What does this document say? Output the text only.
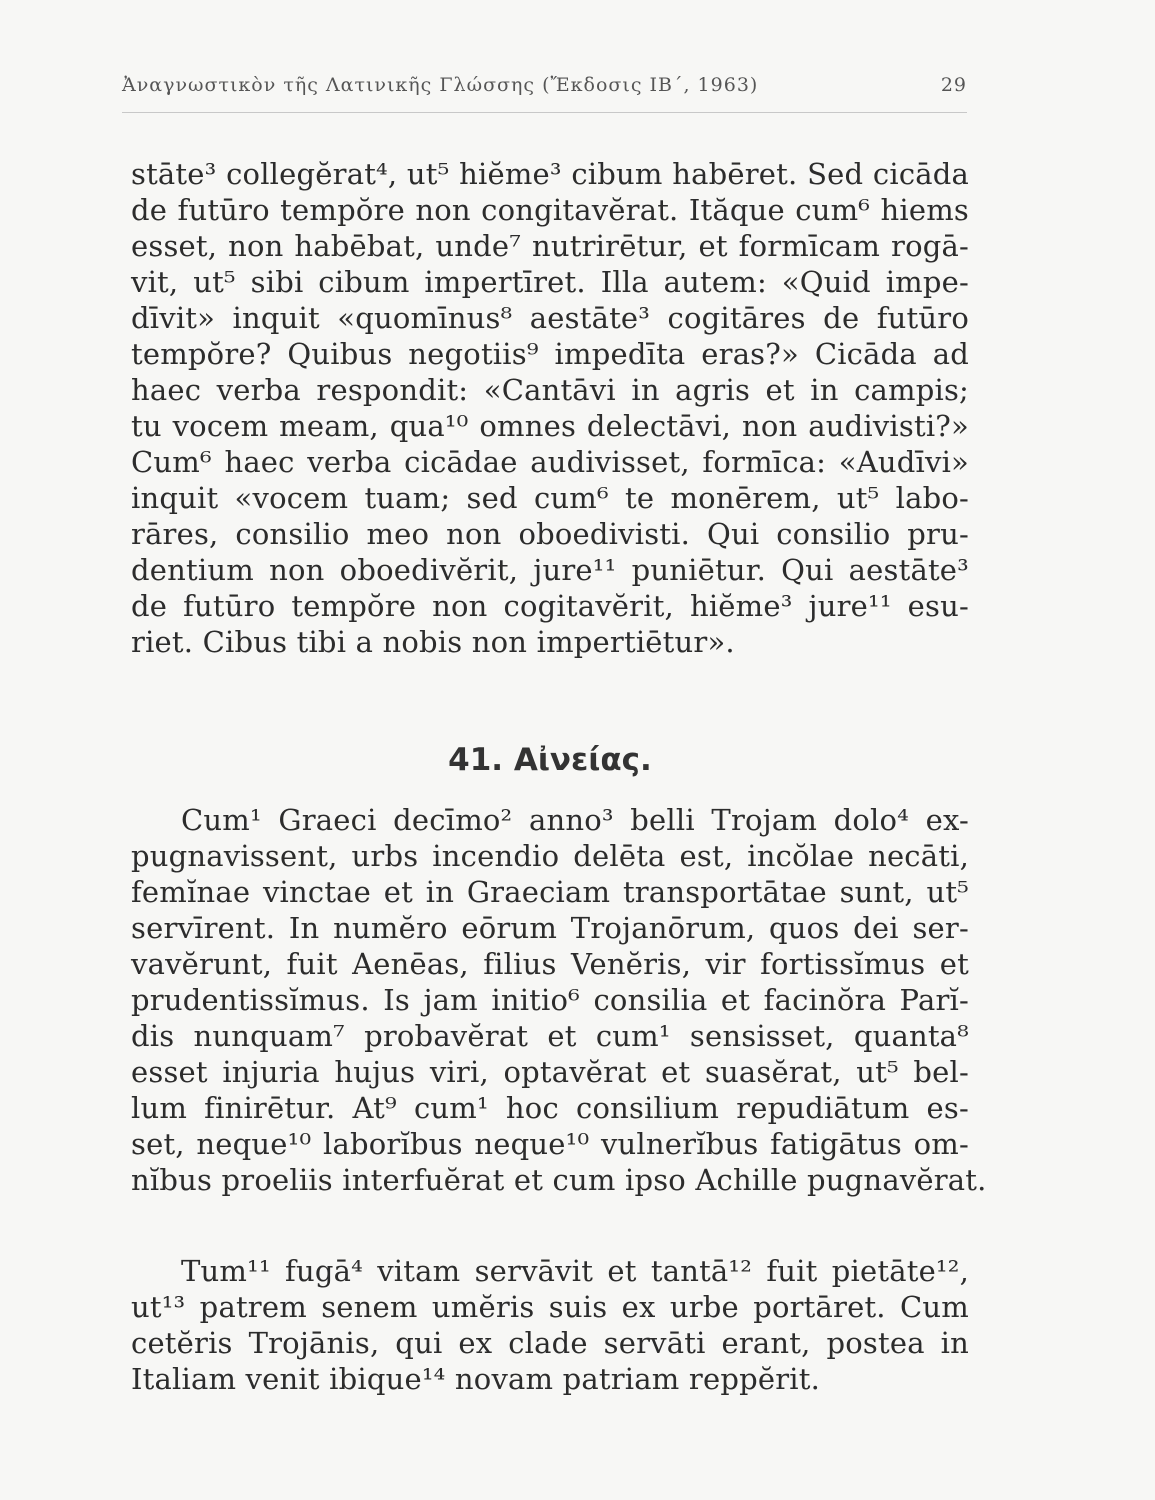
Ἀναγνωστικὸν τῆς Λατινικῆς Γλώσσης (Ἔκδοσις ΙΒ΄, 1963)	29
stāte³ collegĕrat⁴, ut⁵ hiĕme³ cibum habēret. Sed cicāda
de futūro tempŏre non congitavĕrat. Ităque cum⁶ hiems
esset, non habēbat, unde⁷ nutrirētur, et formīcam rogā-
vit, ut⁵ sibi cibum impertīret. Illa autem: «Quid impe-
dīvit» inquit «quomīnus⁸ aestāte³ cogitāres de futūro
tempŏre? Quibus negotiis⁹ impedīta eras?» Cicāda ad
haec verba respondit: «Cantāvi in agris et in campis;
tu vocem meam, qua¹⁰ omnes delectāvi, non audivisti?»
Cum⁶ haec verba cicādae audivisset, formīca: «Audīvi»
inquit «vocem tuam; sed cum⁶ te monērem, ut⁵ labo-
rāres, consilio meo non oboedivisti. Qui consilio pru-
dentium non oboedivĕrit, jure¹¹ puniētur. Qui aestāte³
de futūro tempŏre non cogitavĕrit, hiĕme³ jure¹¹ esu-
riet. Cibus tibi a nobis non impertiētur».
41. Αἰνείας.
Cum¹ Graeci decīmo² anno³ belli Trojam dolo⁴ ex-
pugnavissent, urbs incendio delēta est, incŏlae necāti,
femĭnae vinctae et in Graeciam transportātae sunt, ut⁵
servīrent. In numĕro eōrum Trojanōrum, quos dei ser-
vavĕrunt, fuit Aenēas, filius Venĕris, vir fortissĭmus et
prudentissĭmus. Is jam initio⁶ consilia et facinŏra Parĭ-
dis nunquam⁷ probavĕrat et cum¹ sensisset, quanta⁸
esset injuria hujus viri, optavĕrat et suasĕrat, ut⁵ bel-
lum finirētur. At⁹ cum¹ hoc consilium repudiātum es-
set, neque¹⁰ laborĭbus neque¹⁰ vulnerĭbus fatigātus om-
nĭbus proeliis interfuĕrat et cum ipso Achille pugnavĕrat.
Tum¹¹ fugā⁴ vitam servāvit et tantā¹² fuit pietāte¹²,
ut¹³ patrem senem umĕris suis ex urbe portāret. Cum
cetĕris Trojānis, qui ex clade servāti erant, postea in
Italiam venit ibique¹⁴ novam patriam reppĕrit.
